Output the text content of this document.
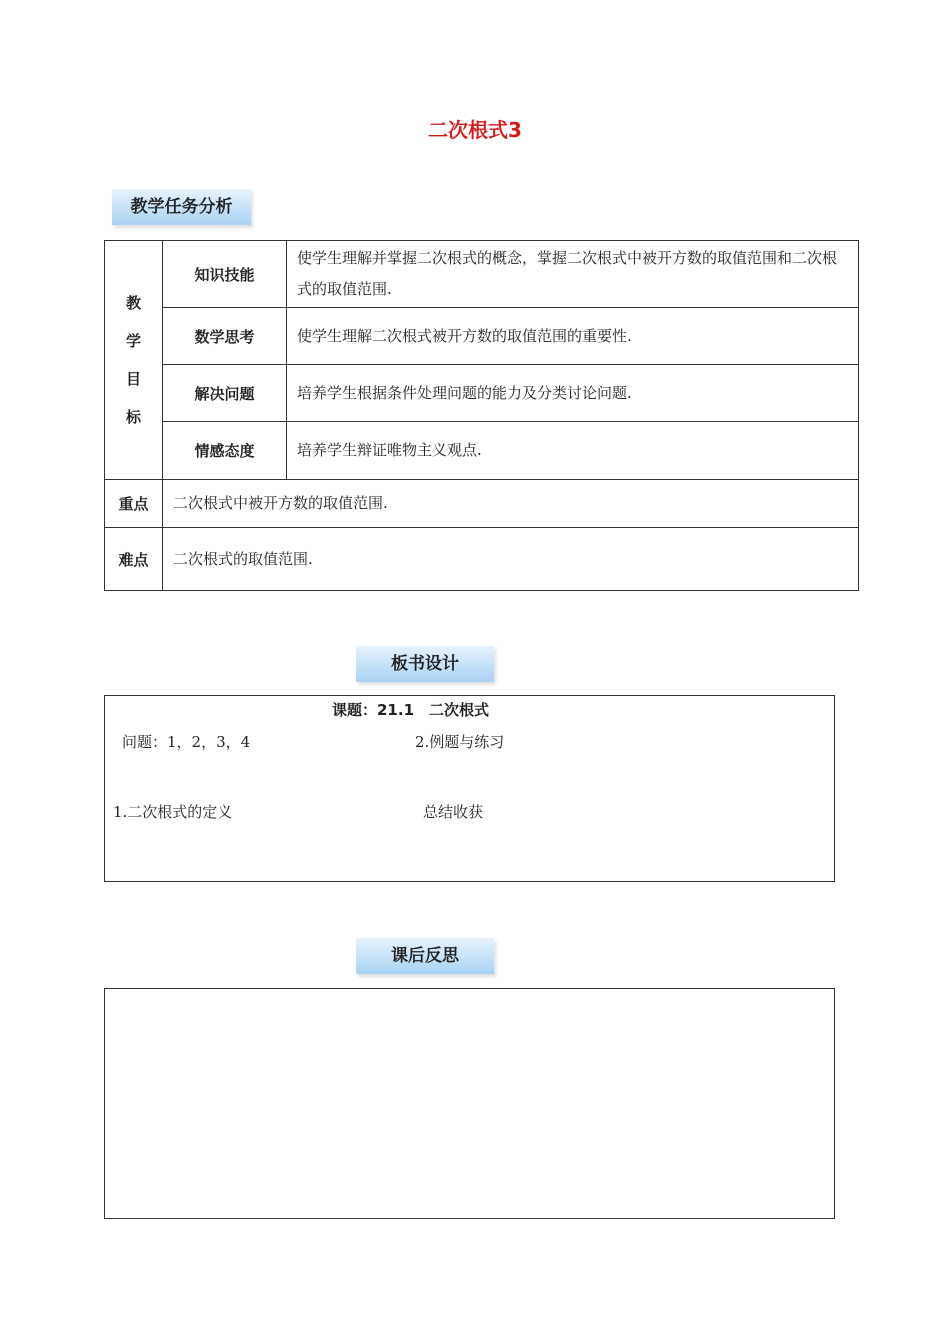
二次根式3
教学任务分析
教
学
目
标	知识技能	使学生理解并掌握二次根式的概念，掌握二次根式中被开方数的取值范围和二次根式的取值范围.
	数学思考	使学生理解二次根式被开方数的取值范围的重要性.
	解决问题	培养学生根据条件处理问题的能力及分类讨论问题.
	情感态度	培养学生辩证唯物主义观点.
重点	二次根式中被开方数的取值范围.	
难点	二次根式的取值范围.	
板书设计
课题：21.1　二次根式
问题：1，2，3，4	2.例题与练习
1.二次根式的定义	总结收获
课后反思
